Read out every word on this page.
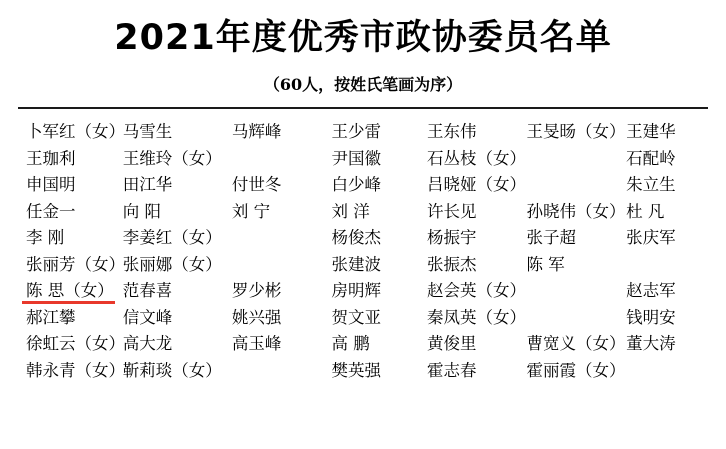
2021年度优秀市政协委员名单
（60人，按姓氏笔画为序）
卜军红（女）	马雪生	马辉峰	王少雷	王东伟	王旻旸（女）	王建华
王珈利	王维玲（女）		尹国徽	石丛枝（女）		石配岭
申国明	田江华	付世冬	白少峰	吕晓娅（女）		朱立生
任金一	向 阳	刘 宁	刘 洋	许长见	孙晓伟（女）	杜 凡
李 刚	李姜红（女）		杨俊杰	杨振宇	张子超	张庆军
张丽芳（女）	张丽娜（女）		张建波	张振杰	陈 军	
陈 思（女）	范春喜	罗少彬	房明辉	赵会英（女）		赵志军
郝江攀	信文峰	姚兴强	贺文亚	秦凤英（女）		钱明安
徐虹云（女）	高大龙	高玉峰	高 鹏	黄俊里	曹宽义（女）	董大涛
韩永青（女）	靳莉琰（女）		樊英强	霍志春	霍丽霞（女）	
